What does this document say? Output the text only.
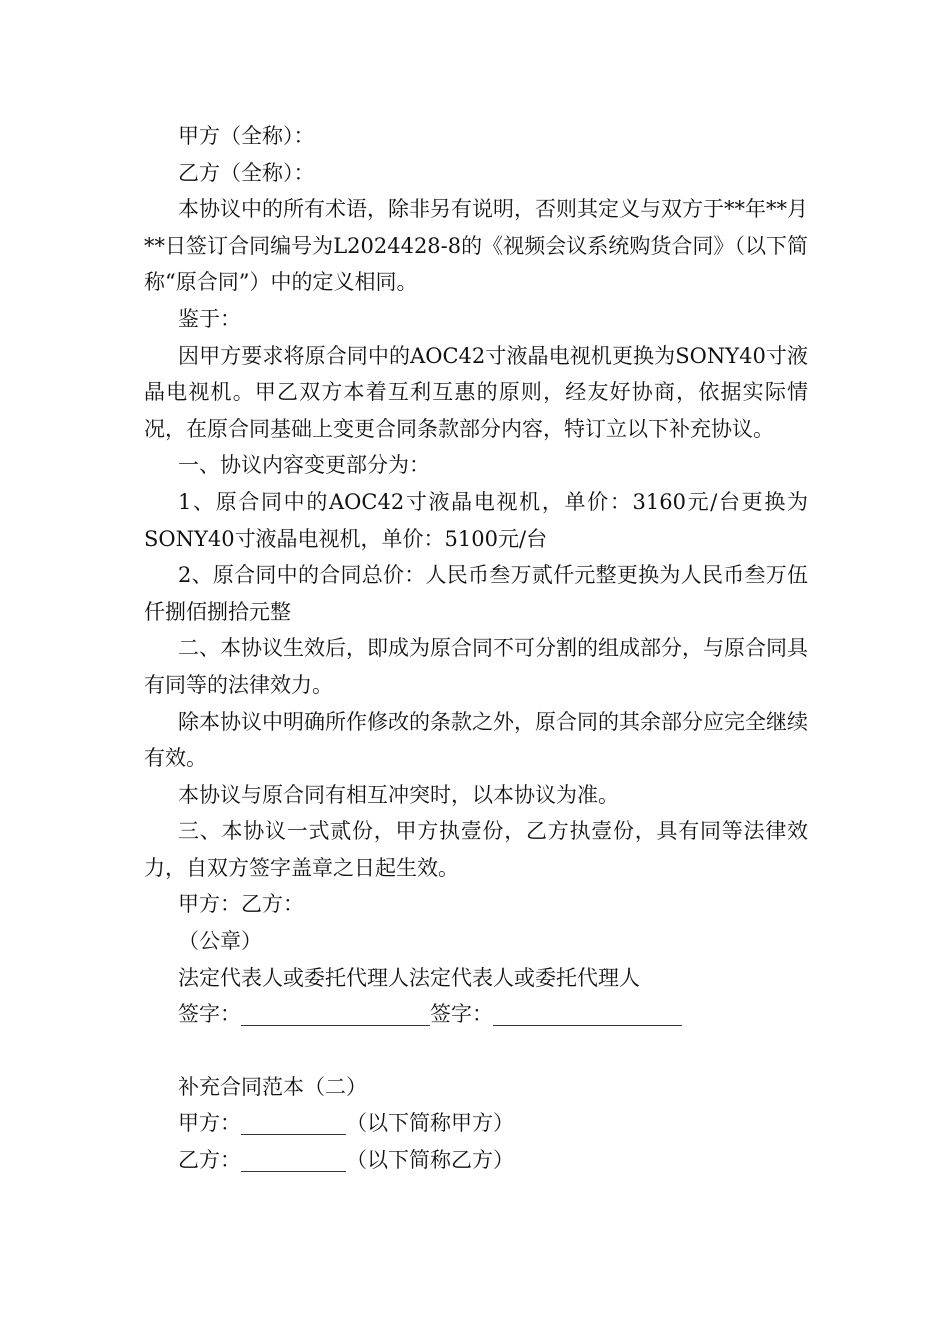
甲方（全称）：

乙方（全称）：

本协议中的所有术语，除非另有说明，否则其定义与双方于**年**月**日签订合同编号为L2024428-8的《视频会议系统购货合同》（以下简称“原合同”）中的定义相同。

鉴于：

因甲方要求将原合同中的AOC42寸液晶电视机更换为SONY40寸液晶电视机。甲乙双方本着互利互惠的原则，经友好协商，依据实际情况，在原合同基础上变更合同条款部分内容，特订立以下补充协议。

一、协议内容变更部分为：

1、原合同中的AOC42寸液晶电视机，单价：3160元/台更换为SONY40寸液晶电视机，单价：5100元/台

2、原合同中的合同总价：人民币叁万贰仟元整更换为人民币叁万伍仟捌佰捌拾元整

二、本协议生效后，即成为原合同不可分割的组成部分，与原合同具有同等的法律效力。

除本协议中明确所作修改的条款之外，原合同的其余部分应完全继续有效。

本协议与原合同有相互冲突时，以本协议为准。

三、本协议一式贰份，甲方执壹份，乙方执壹份，具有同等法律效力，自双方签字盖章之日起生效。

甲方：乙方：

（公章）

法定代表人或委托代理人法定代表人或委托代理人

签字：__________________签字：__________________

补充合同范本（二）

甲方：__________（以下简称甲方）

乙方：__________（以下简称乙方）
